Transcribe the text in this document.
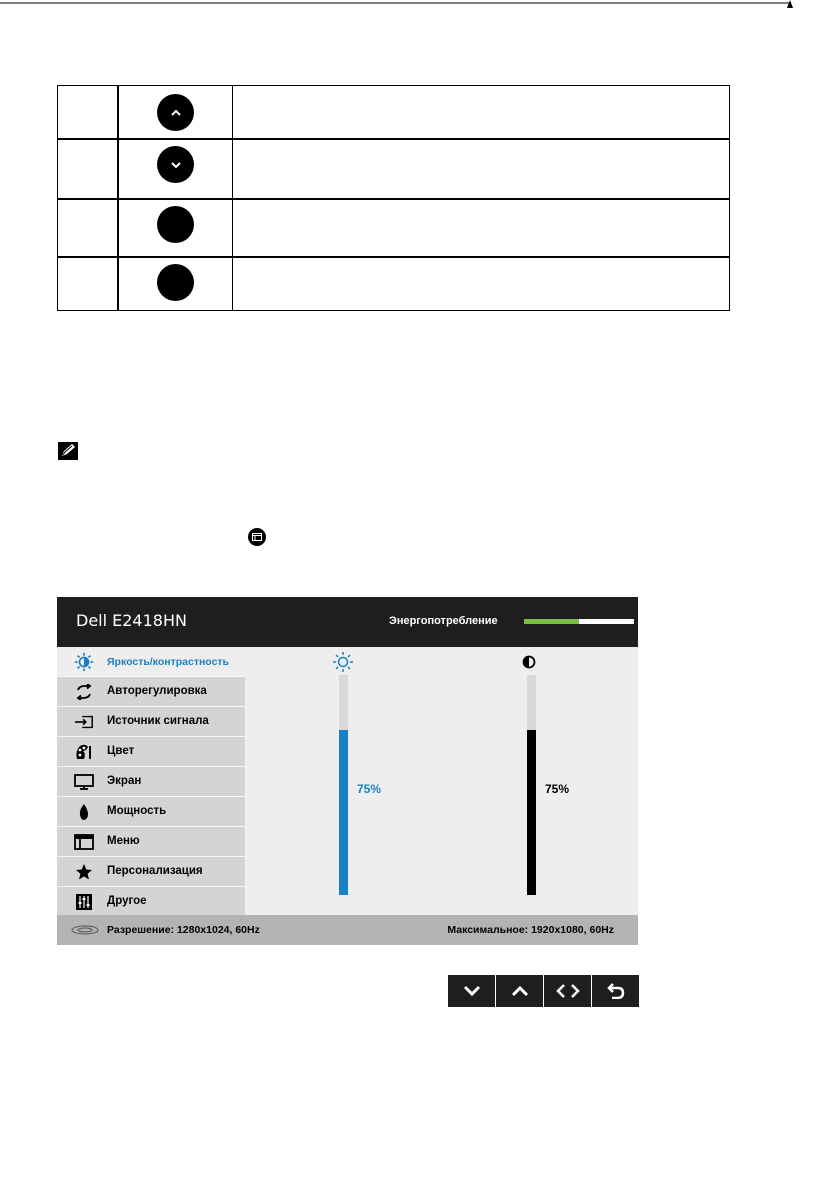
Dell E2418HN	Энергопотребление
Яркость/контрастность
Авторегулировка
Источник сигнала
Цвет
Экран
Мощность
Меню
Персонализация
Другое
75%	75%
Разрешение: 1280x1024, 60Hz	Максимальное: 1920x1080, 60Hz
